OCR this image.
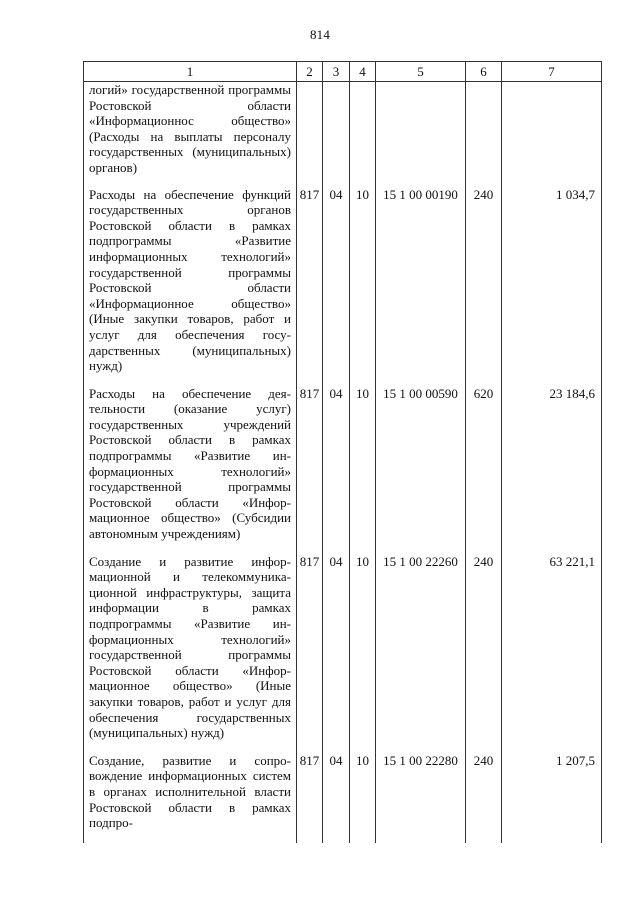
814
1	2	3	4	5	6	7
логий» государственной программы Ростовской области «Информационнос общество» (Расходы на выплаты персоналу государственных (муниципальных) органов)						
Расходы на обеспечение функций государственных органов Ростовской области в рамках подпрограммы «Развитие информационных технологий» государственной программы Ростовской области «Информационное общество» (Иные закупки товаров, работ и услуг для обеспечения государственных (муниципальных) нужд)	817	04	10	15 1 00 00190	240	1 034,7
Расходы на обеспечение деятельности (оказание услуг) государственных учреждений Ростовской области в рамках подпрограммы «Развитие информационных технологий» государственной программы Ростовской области «Информационное общество» (Субсидии автономным учреждениям)	817	04	10	15 1 00 00590	620	23 184,6
Создание и развитие информационной и телекоммуникационной инфраструктуры, защита информации в рамках подпрограммы «Развитие информационных технологий» государственной программы Ростовской области «Информационное общество» (Иные закупки товаров, работ и услуг для обеспечения государственных (муниципальных) нужд)	817	04	10	15 1 00 22260	240	63 221,1
Создание, развитие и сопровождение информационных систем в органах исполнительной власти Ростовской области в рамках подпро-	817	04	10	15 1 00 22280	240	1 207,5
